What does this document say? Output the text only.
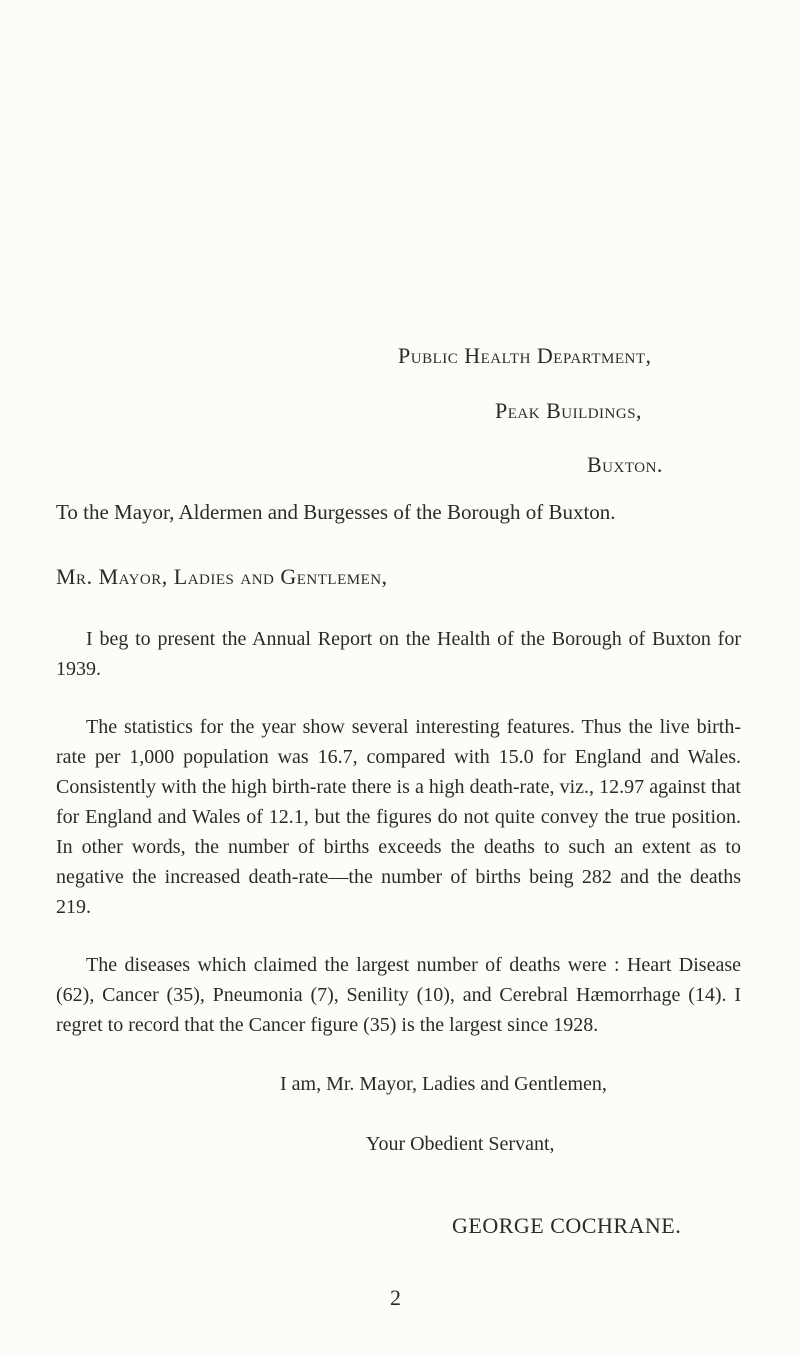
Public Health Department,
Peak Buildings,
Buxton.
To the Mayor, Aldermen and Burgesses of the Borough of Buxton.
Mr. Mayor, Ladies and Gentlemen,

I beg to present the Annual Report on the Health of the Borough of Buxton for 1939.

The statistics for the year show several interesting features. Thus the live birth-rate per 1,000 population was 16.7, compared with 15.0 for England and Wales. Consistently with the high birth-rate there is a high death-rate, viz., 12.97 against that for England and Wales of 12.1, but the figures do not quite convey the true position. In other words, the number of births exceeds the deaths to such an extent as to negative the increased death-rate—the number of births being 282 and the deaths 219.

The diseases which claimed the largest number of deaths were : Heart Disease (62), Cancer (35), Pneumonia (7), Senility (10), and Cerebral Hæmorrhage (14). I regret to record that the Cancer figure (35) is the largest since 1928.

I am, Mr. Mayor, Ladies and Gentlemen,
Your Obedient Servant,
GEORGE COCHRANE.
2
